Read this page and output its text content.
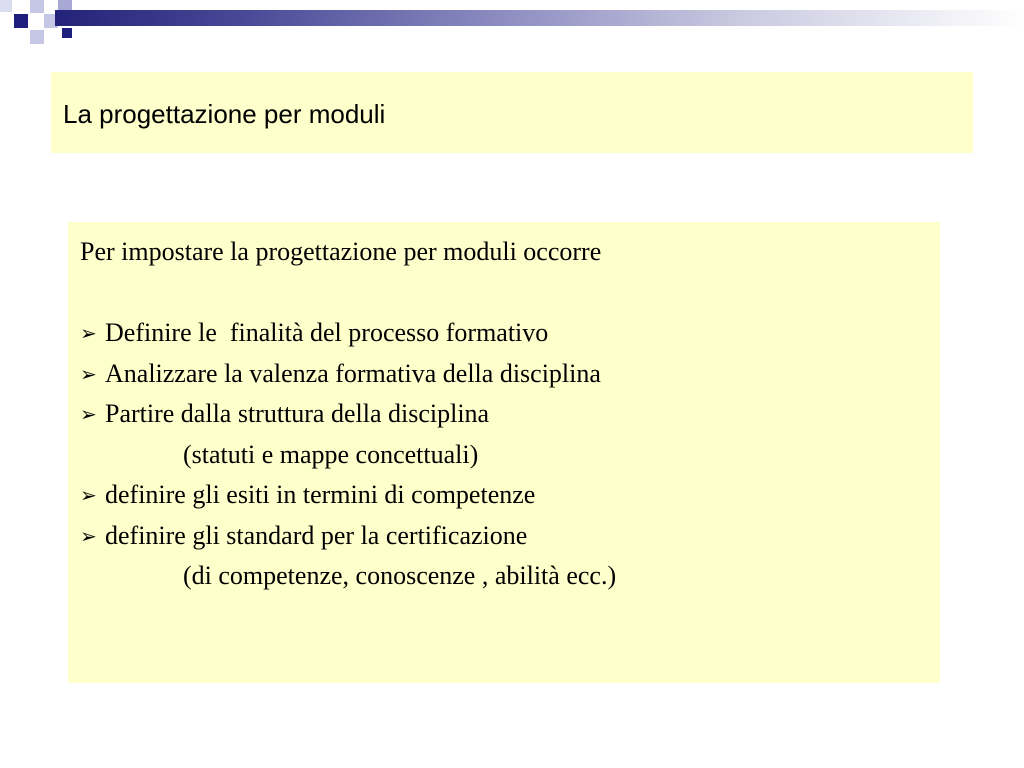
La progettazione per moduli
Per impostare la progettazione per moduli occorre
➢ Definire le  finalità del processo formativo
➢ Analizzare la valenza formativa della disciplina
➢ Partire dalla struttura della disciplina
(statuti e mappe concettuali)
➢ definire gli esiti in termini di competenze
➢ definire gli standard per la certificazione
(di competenze, conoscenze , abilità ecc.)
